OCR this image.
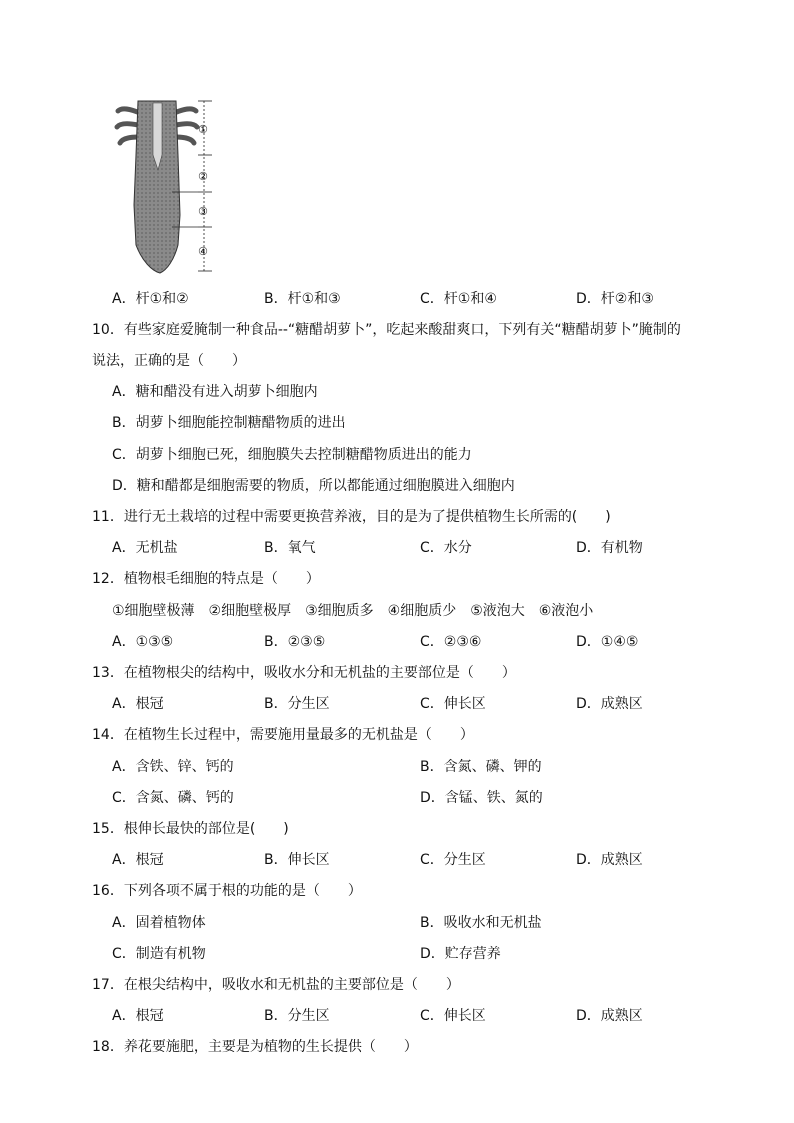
①
②
③
④
A．杆①和②	B．杆①和③	C．杆①和④	D．杆②和③
10．有些家庭爱腌制一种食品--“糖醋胡萝卜”，吃起来酸甜爽口，下列有关“糖醋胡萝卜”腌制的
说法，正确的是（　　）
A．糖和醋没有进入胡萝卜细胞内
B．胡萝卜细胞能控制糖醋物质的进出
C．胡萝卜细胞已死，细胞膜失去控制糖醋物质进出的能力
D．糖和醋都是细胞需要的物质，所以都能通过细胞膜进入细胞内
11．进行无土栽培的过程中需要更换营养液，目的是为了提供植物生长所需的(　　)
A．无机盐	B．氧气	C．水分	D．有机物
12．植物根毛细胞的特点是（　　）
①细胞壁极薄　②细胞壁极厚　③细胞质多　④细胞质少　⑤液泡大　⑥液泡小
A．①③⑤	B．②③⑤	C．②③⑥	D．①④⑤
13．在植物根尖的结构中，吸收水分和无机盐的主要部位是（　　）
A．根冠	B．分生区	C．伸长区	D．成熟区
14．在植物生长过程中，需要施用量最多的无机盐是（　　）
A．含铁、锌、钙的	B．含氮、磷、钾的
C．含氮、磷、钙的	D．含锰、铁、氮的
15．根伸长最快的部位是(　　)
A．根冠	B．伸长区	C．分生区	D．成熟区
16．下列各项不属于根的功能的是（　　）
A．固着植物体	B．吸收水和无机盐
C．制造有机物	D．贮存营养
17．在根尖结构中，吸收水和无机盐的主要部位是（　　）
A．根冠	B．分生区	C．伸长区	D．成熟区
18．养花要施肥，主要是为植物的生长提供（　　）
